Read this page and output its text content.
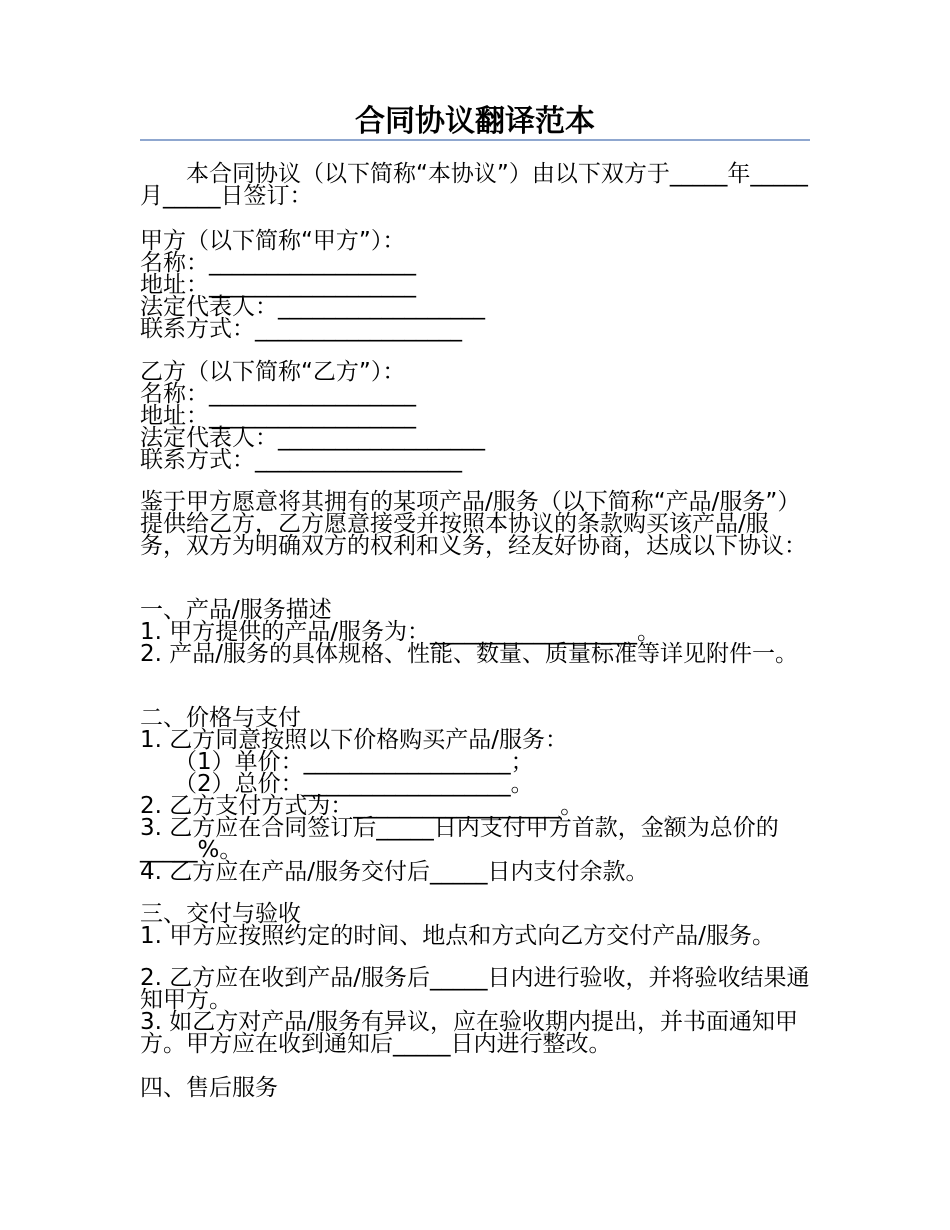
合同协议翻译范本

本合同协议（以下简称“本协议”）由以下双方于_____年_____月_____日签订：

甲方（以下简称“甲方”）：

名称：__________________

地址：__________________

法定代表人：__________________

联系方式：__________________

乙方（以下简称“乙方”）：

名称：__________________

地址：__________________

法定代表人：__________________

联系方式：__________________

鉴于甲方愿意将其拥有的某项产品/服务（以下简称“产品/服务”）提供给乙方，乙方愿意接受并按照本协议的条款购买该产品/服务，双方为明确双方的权利和义务，经友好协商，达成以下协议：

一、产品/服务描述

1. 甲方提供的产品/服务为：__________________。

2. 产品/服务的具体规格、性能、数量、质量标准等详见附件一。

二、价格与支付

1. 乙方同意按照以下价格购买产品/服务：

（1）单价：__________________；

（2）总价：__________________。

2. 乙方支付方式为：__________________。

3. 乙方应在合同签订后_____日内支付甲方首款，金额为总价的_____%。

4. 乙方应在产品/服务交付后_____日内支付余款。

三、交付与验收

1. 甲方应按照约定的时间、地点和方式向乙方交付产品/服务。

2. 乙方应在收到产品/服务后_____日内进行验收，并将验收结果通知甲方。

3. 如乙方对产品/服务有异议，应在验收期内提出，并书面通知甲方。甲方应在收到通知后_____日内进行整改。

四、售后服务
